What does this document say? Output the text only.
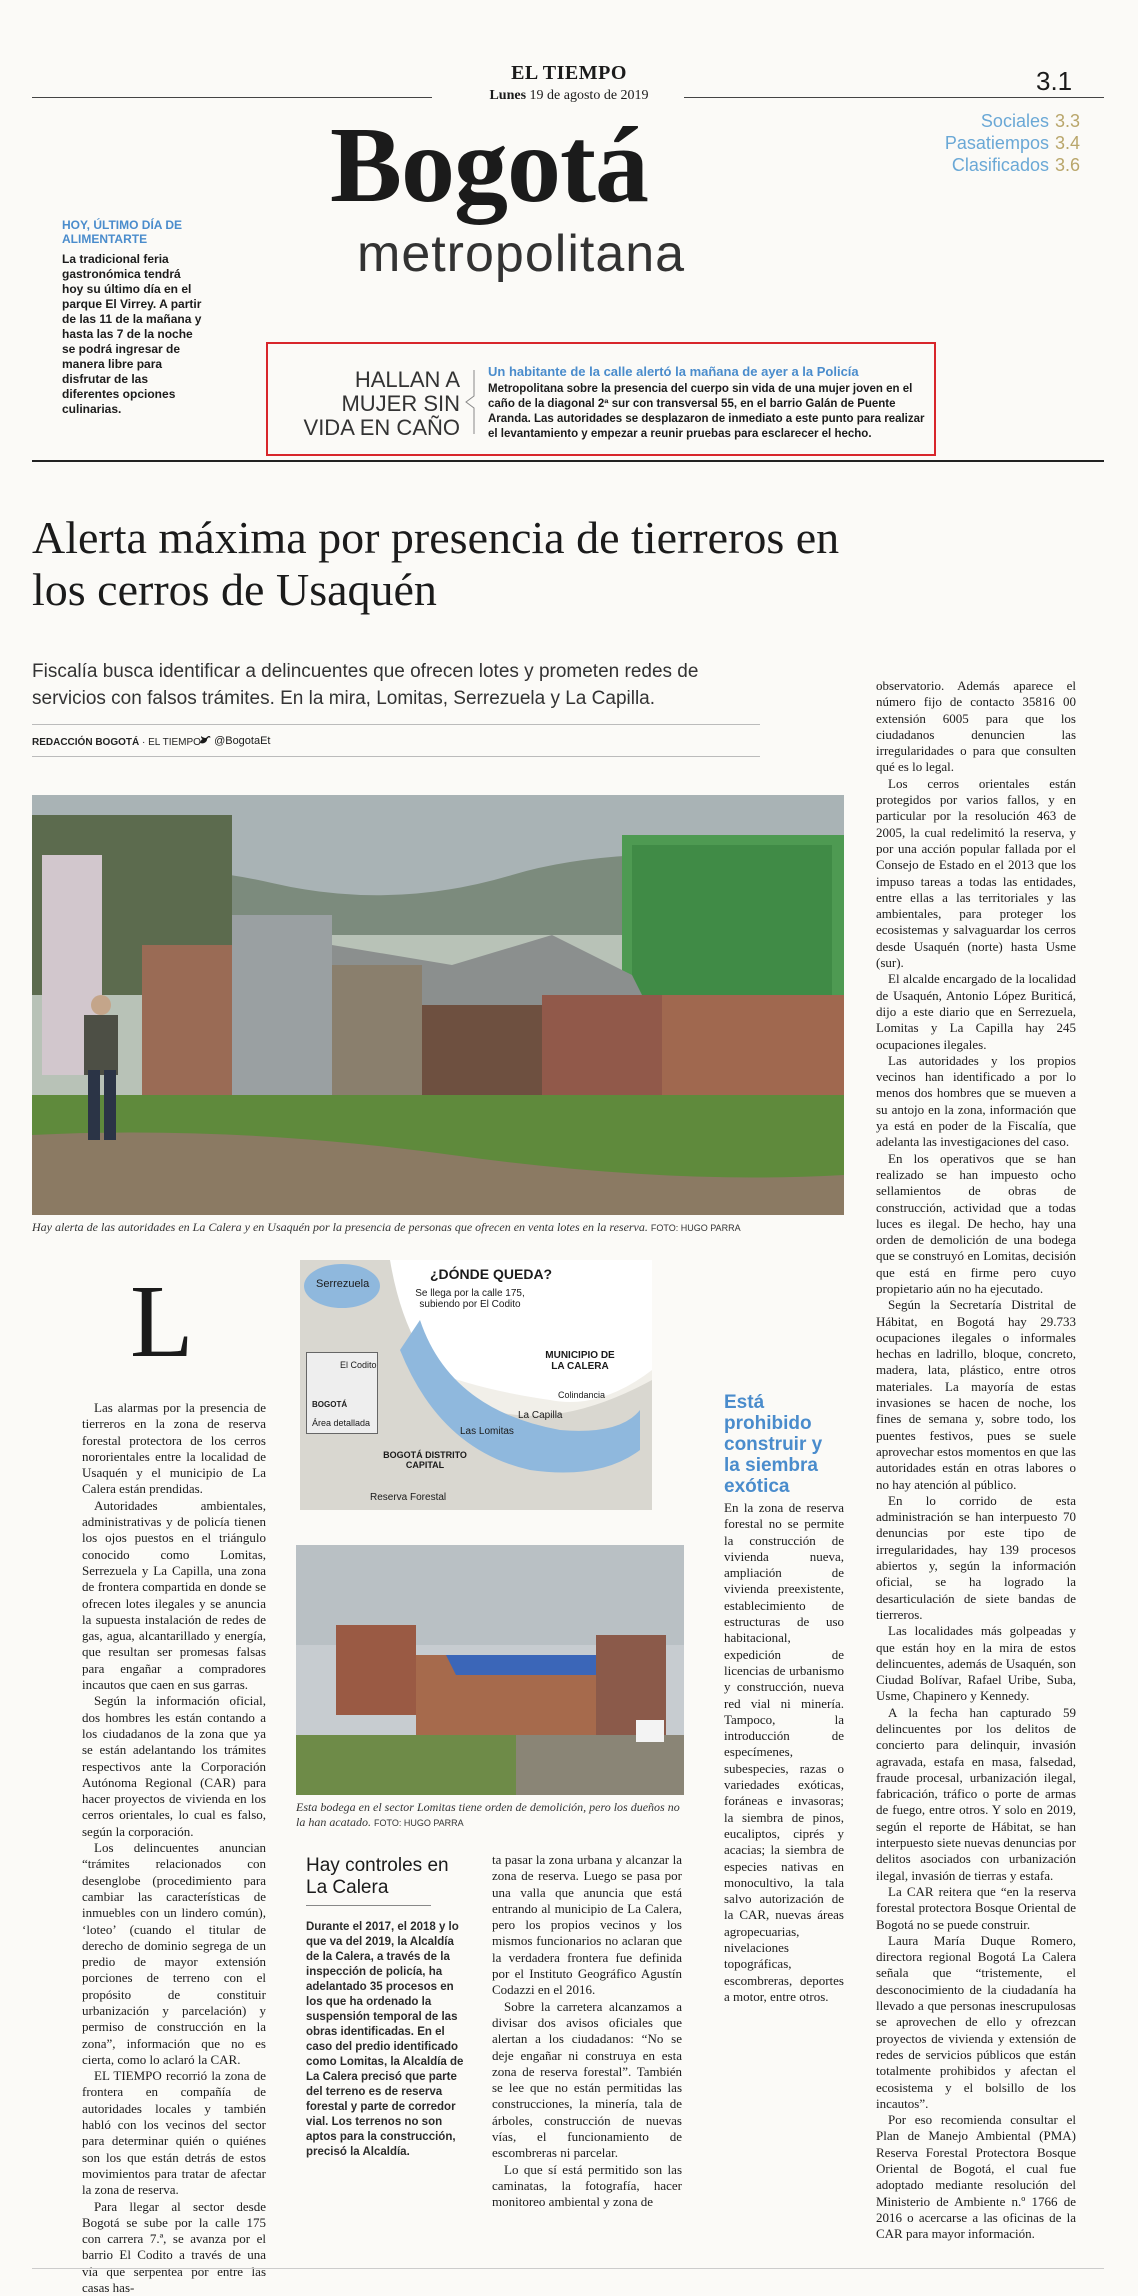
EL TIEMPO
Lunes 19 de agosto de 2019	3.1
Sociales 3.3
Pasatiempos 3.4
Clasificados 3.6
Bogotá
metropolitana
HOY, ÚLTIMO DÍA DE ALIMENTARTE
La tradicional feria gastronómica tendrá hoy su último día en el parque El Virrey. A partir de las 11 de la mañana y hasta las 7 de la noche se podrá ingresar de manera libre para disfrutar de las diferentes opciones culinarias.
HALLAN A MUJER SIN VIDA EN CAÑO
Un habitante de la calle alertó la mañana de ayer a la Policía
Metropolitana sobre la presencia del cuerpo sin vida de una mujer joven en el caño de la diagonal 2ª sur con transversal 55, en el barrio Galán de Puente Aranda. Las autoridades se desplazaron de inmediato a este punto para realizar el levantamiento y empezar a reunir pruebas para esclarecer el hecho.
Alerta máxima por presencia de tierreros en los cerros de Usaquén
Fiscalía busca identificar a delincuentes que ofrecen lotes y prometen redes de servicios con falsos trámites. En la mira, Lomitas, Serrezuela y La Capilla.
REDACCIÓN BOGOTÁ · EL TIEMPO	@BogotaEt
Hay alerta de las autoridades en La Calera y en Usaquén por la presencia de personas que ofrecen en venta lotes en la reserva. FOTO: HUGO PARRA
L

Las alarmas por la presencia de tierreros en la zona de reserva forestal protectora de los cerros nororientales entre la localidad de Usaquén y el municipio de La Calera están prendidas.

Autoridades ambientales, administrativas y de policía tienen los ojos puestos en el triángulo conocido como Lomitas, Serrezuela y La Capilla, una zona de frontera compartida en donde se ofrecen lotes ilegales y se anuncia la supuesta instalación de redes de gas, agua, alcantarillado y energía, que resultan ser promesas falsas para engañar a compradores incautos que caen en sus garras.

Según la información oficial, dos hombres les están contando a los ciudadanos de la zona que ya se están adelantando los trámites respectivos ante la Corporación Autónoma Regional (CAR) para hacer proyectos de vivienda en los cerros orientales, lo cual es falso, según la corporación.

Los delincuentes anuncian “trámites relacionados con desenglobe (procedimiento para cambiar las características de inmuebles con un lindero común), ‘loteo’ (cuando el titular de derecho de dominio segrega de un predio de mayor extensión porciones de terreno con el propósito de constituir urbanización y parcelación) y permiso de construcción en la zona”, información que no es cierta, como lo aclaró la CAR.

EL TIEMPO recorrió la zona de frontera en compañía de autoridades locales y también habló con los vecinos del sector para determinar quién o quiénes son los que están detrás de estos movimientos para tratar de afectar la zona de reserva.

Para llegar al sector desde Bogotá se sube por la calle 175 con carrera 7.ª, se avanza por el barrio El Codito a través de una vía que serpentea por entre las casas has-

Serrezuela
Se llega por la calle 175, subiendo por El Codito
El Codito
BOGOTÁ
Área detallada
MUNICIPIO DE LA CALERA
Colindancia
La Capilla
Las Lomitas
BOGOTÁ DISTRITO CAPITAL
Reserva Forestal
¿DÓNDE QUEDA?
Esta bodega en el sector Lomitas tiene orden de demolición, pero los dueños no la han acatado. FOTO: HUGO PARRA
Hay controles en La Calera
Durante el 2017, el 2018 y lo que va del 2019, la Alcaldía de la Calera, a través de la inspección de policía, ha adelantado 35 procesos en los que ha ordenado la suspensión temporal de las obras identificadas. En el caso del predio identificado como Lomitas, la Alcaldía de La Calera precisó que parte del terreno es de reserva forestal y parte de corredor vial. Los terrenos no son aptos para la construcción, precisó la Alcaldía.

ta pasar la zona urbana y alcanzar la zona de reserva. Luego se pasa por una valla que anuncia que está entrando al municipio de La Calera, pero los propios vecinos y los mismos funcionarios no aclaran que la verdadera frontera fue definida por el Instituto Geográfico Agustín Codazzi en el 2016.

Sobre la carretera alcanzamos a divisar dos avisos oficiales que alertan a los ciudadanos: “No se deje engañar ni construya en esta zona de reserva forestal”. También se lee que no están permitidas las construcciones, la minería, tala de árboles, construcción de nuevas vías, el funcionamiento de escombreras ni parcelar.

Lo que sí está permitido son las caminatas, la fotografía, hacer monitoreo ambiental y zona de

Está prohibido construir y la siembra exótica
En la zona de reserva forestal no se permite la construcción de vivienda nueva, ampliación de vivienda preexistente, establecimiento de estructuras de uso habitacional, expedición de licencias de urbanismo y construcción, nueva red vial ni minería. Tampoco, la introducción de especímenes, subespecies, razas o variedades exóticas, foráneas e invasoras; la siembra de pinos, eucaliptos, ciprés y acacias; la siembra de especies nativas en monocultivo, la tala salvo autorización de la CAR, nuevas áreas agropecuarias, nivelaciones topográficas, escombreras, deportes a motor, entre otros.

observatorio. Además aparece el número fijo de contacto 35816 00 extensión 6005 para que los ciudadanos denuncien las irregularidades o para que consulten qué es lo legal.

Los cerros orientales están protegidos por varios fallos, y en particular por la resolución 463 de 2005, la cual redelimitó la reserva, y por una acción popular fallada por el Consejo de Estado en el 2013 que los impuso tareas a todas las entidades, entre ellas a las territoriales y las ambientales, para proteger los ecosistemas y salvaguardar los cerros desde Usaquén (norte) hasta Usme (sur).

El alcalde encargado de la localidad de Usaquén, Antonio López Buriticá, dijo a este diario que en Serrezuela, Lomitas y La Capilla hay 245 ocupaciones ilegales.

Las autoridades y los propios vecinos han identificado a por lo menos dos hombres que se mueven a su antojo en la zona, información que ya está en poder de la Fiscalía, que adelanta las investigaciones del caso.

En los operativos que se han realizado se han impuesto ocho sellamientos de obras de construcción, actividad que a todas luces es ilegal. De hecho, hay una orden de demolición de una bodega que se construyó en Lomitas, decisión que está en firme pero cuyo propietario aún no ha ejecutado.

Según la Secretaría Distrital de Hábitat, en Bogotá hay 29.733 ocupaciones ilegales o informales hechas en ladrillo, bloque, concreto, madera, lata, plástico, entre otros materiales. La mayoría de estas invasiones se hacen de noche, los fines de semana y, sobre todo, los puentes festivos, pues se suele aprovechar estos momentos en que las autoridades están en otras labores o no hay atención al público.

En lo corrido de esta administración se han interpuesto 70 denuncias por este tipo de irregularidades, hay 139 procesos abiertos y, según la información oficial, se ha logrado la desarticulación de siete bandas de tierreros.

Las localidades más golpeadas y que están hoy en la mira de estos delincuentes, además de Usaquén, son Ciudad Bolívar, Rafael Uribe, Suba, Usme, Chapinero y Kennedy.

A la fecha han capturado 59 delincuentes por los delitos de concierto para delinquir, invasión agravada, estafa en masa, falsedad, fraude procesal, urbanización ilegal, fabricación, tráfico o porte de armas de fuego, entre otros. Y solo en 2019, según el reporte de Hábitat, se han interpuesto siete nuevas denuncias por delitos asociados con urbanización ilegal, invasión de tierras y estafa.

La CAR reitera que “en la reserva forestal protectora Bosque Oriental de Bogotá no se puede construir.

Laura María Duque Romero, directora regional Bogotá La Calera señala que “tristemente, el desconocimiento de la ciudadanía ha llevado a que personas inescrupulosas se aprovechen de ello y ofrezcan proyectos de vivienda y extensión de redes de servicios públicos que están totalmente prohibidos y afectan el ecosistema y el bolsillo de los incautos”.

Por eso recomienda consultar el Plan de Manejo Ambiental (PMA) Reserva Forestal Protectora Bosque Oriental de Bogotá, el cual fue adoptado mediante resolución del Ministerio de Ambiente n.º 1766 de 2016 o acercarse a las oficinas de la CAR para mayor información.
